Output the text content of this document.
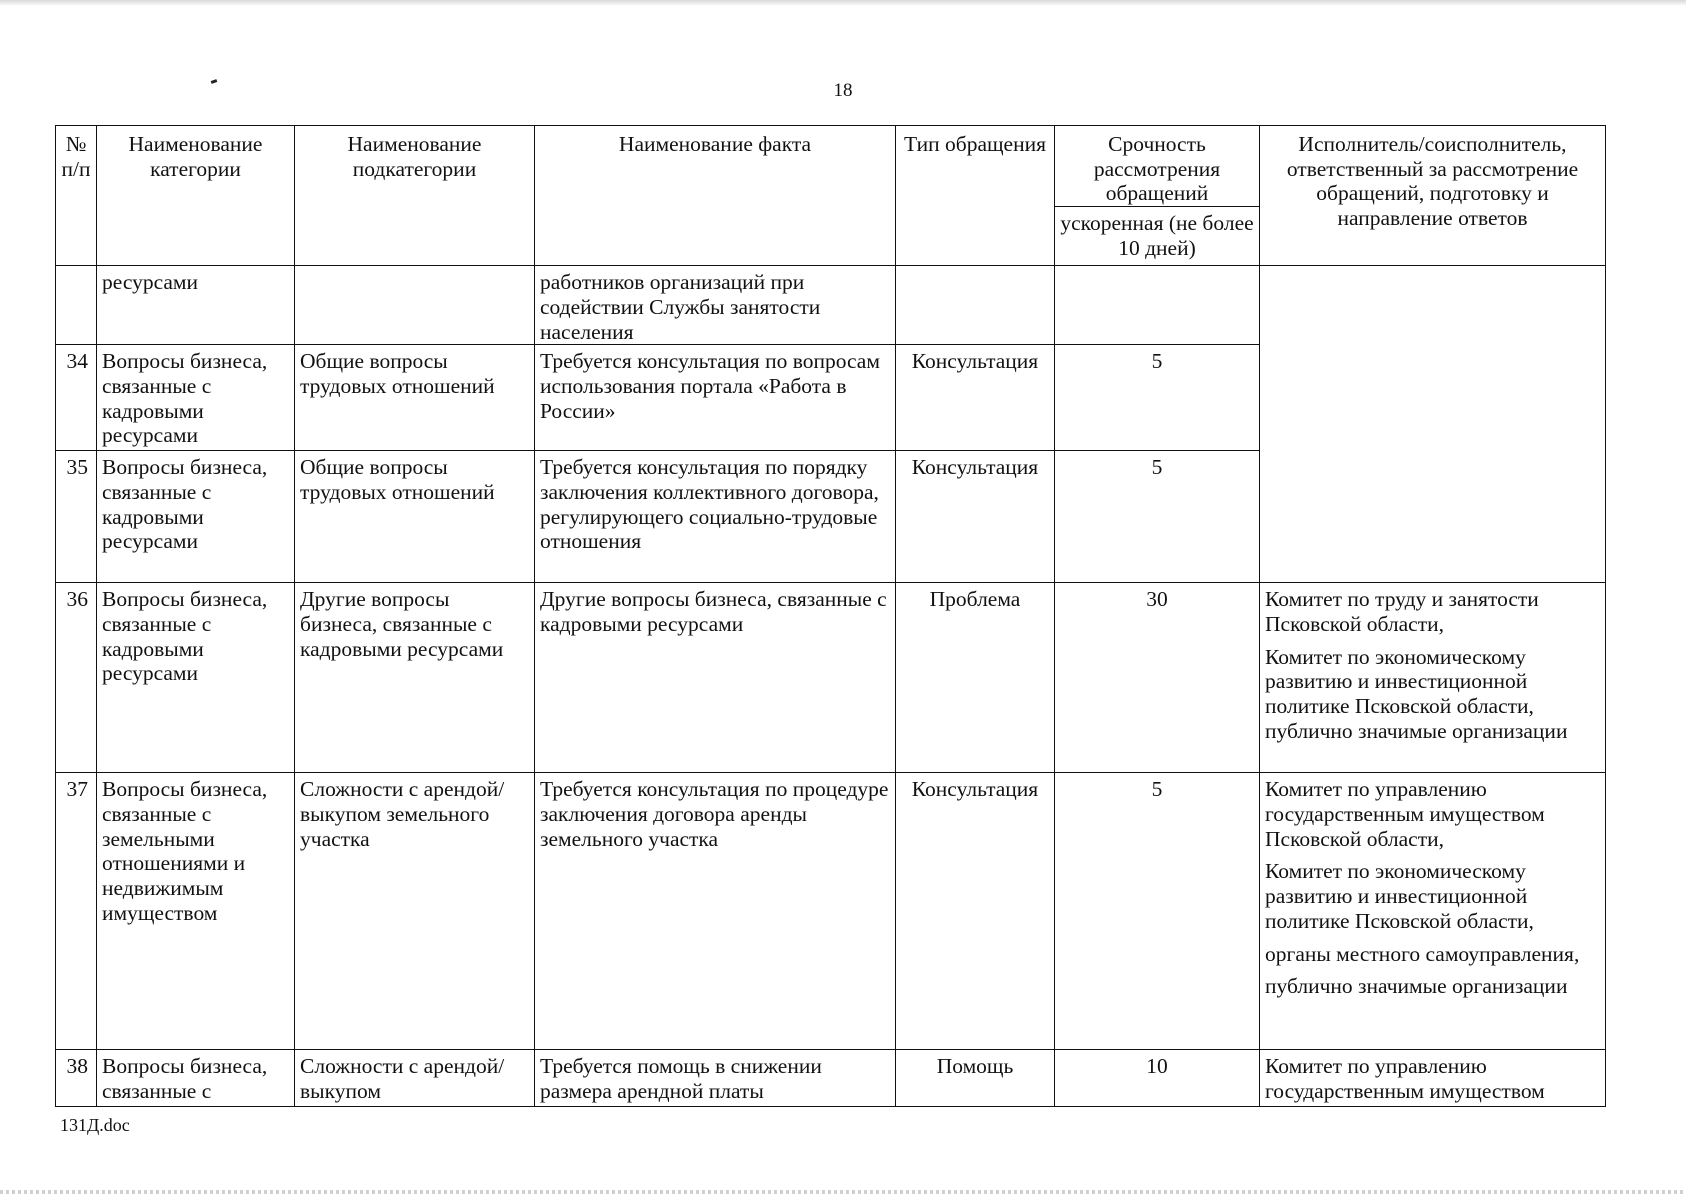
18
№ п/п	Наименование категории	Наименование подкатегории	Наименование факта	Тип обращения	Срочность рассмотрения обращений	Исполнитель/соисполнитель, ответственный за рассмотрение обращений, подготовку и направление ответов
					ускоренная (не более 10 дней)	
	ресурсами		работников организаций при содействии Службы занятости населения			
34	Вопросы бизнеса, связанные с кадровыми ресурсами	Общие вопросы трудовых отношений	Требуется консультация по вопросам использования портала «Работа в России»	Консультация	5	
35	Вопросы бизнеса, связанные с кадровыми ресурсами	Общие вопросы трудовых отношений	Требуется консультация по порядку заключения коллективного договора, регулирующего социально-трудовые отношения	Консультация	5	
36	Вопросы бизнеса, связанные с кадровыми ресурсами	Другие вопросы бизнеса, связанные с кадровыми ресурсами	Другие вопросы бизнеса, связанные с кадровыми ресурсами	Проблема	30	Комитет по труду и занятости Псковской области,

Комитет по экономическому развитию и инвестиционной политике Псковской области, публично значимые организации

37	Вопросы бизнеса, связанные с земельными отношениями и недвижимым имуществом	Сложности с арендой/выкупом земельного участка	Требуется консультация по процедуре заключения договора аренды земельного участка	Консультация	5	Комитет по управлению государственным имуществом Псковской области,

Комитет по экономическому развитию и инвестиционной политике Псковской области,

органы местного самоуправления,

публично значимые организации

38	Вопросы бизнеса, связанные с	Сложности с арендой/выкупом	Требуется помощь в снижении размера арендной платы	Помощь	10	Комитет по управлению государственным имуществом

131Д.doc
